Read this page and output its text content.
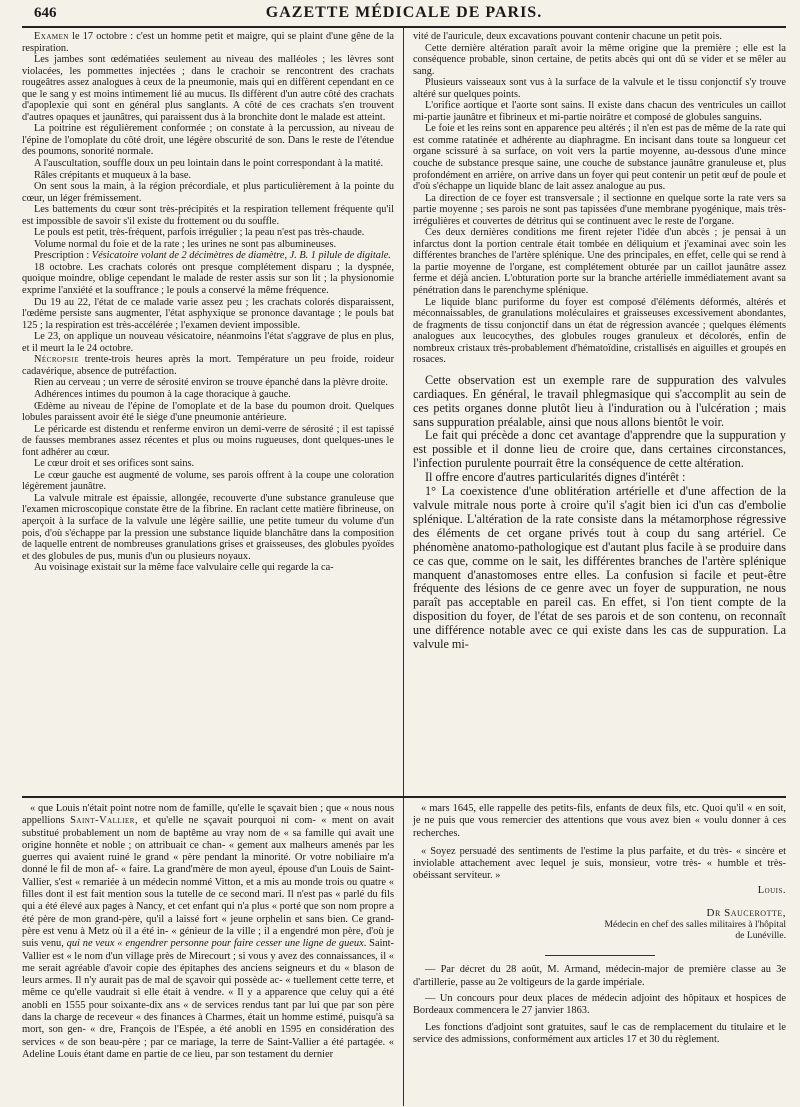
646	GAZETTE MÉDICALE DE PARIS.

Examen le 17 octobre : c'est un homme petit et maigre, qui se plaint d'une gêne de la respiration.

Les jambes sont œdématiées seulement au niveau des malléoles ; les lèvres sont violacées, les pommettes injectées ; dans le crachoir se rencontrent des crachats rougeâtres assez analogues à ceux de la pneumonie, mais qui en diffèrent cependant en ce que le sang y est moins intimement lié au mucus. Ils diffèrent d'un autre côté des crachats d'apoplexie qui sont en général plus sanglants. A côté de ces crachats s'en trouvent d'autres opaques et jaunâtres, qui paraissent dus à la bronchite dont le malade est atteint.

La poitrine est régulièrement conformée ; on constate à la percussion, au niveau de l'épine de l'omoplate du côté droit, une légère obscurité de son. Dans le reste de l'étendue des poumons, sonorité normale.

A l'auscultation, souffle doux un peu lointain dans le point correspondant à la matité.

Râles crépitants et muqueux à la base.

On sent sous la main, à la région précordiale, et plus particulièrement à la pointe du cœur, un léger frémissement.

Les battements du cœur sont très-précipités et la respiration tellement fréquente qu'il est impossible de savoir s'il existe du frottement ou du souffle.

Le pouls est petit, très-fréquent, parfois irrégulier ; la peau n'est pas très-chaude.

Volume normal du foie et de la rate ; les urines ne sont pas albumineuses.

Prescription : Vésicatoire volant de 2 décimètres de diamètre, J. B. 1 pilule de digitale.

18 octobre. Les crachats colorés ont presque complétement disparu ; la dyspnée, quoique moindre, oblige cependant le malade de rester assis sur son lit ; la physionomie exprime l'anxiété et la souffrance ; le pouls a conservé la même fréquence.

Du 19 au 22, l'état de ce malade varie assez peu ; les crachats colorés disparaissent, l'œdème persiste sans augmenter, l'état asphyxique se prononce davantage ; le pouls bat 125 ; la respiration est très-accélérée ; l'examen devient impossible.

Le 23, on applique un nouveau vésicatoire, néanmoins l'état s'aggrave de plus en plus, et il meurt la le 24 octobre.

Nécropsie trente-trois heures après la mort. Température un peu froide, roideur cadavérique, absence de putréfaction.

Rien au cerveau ; un verre de sérosité environ se trouve épanché dans la plèvre droite.

Adhérences intimes du poumon à la cage thoracique à gauche.

Œdème au niveau de l'épine de l'omoplate et de la base du poumon droit. Quelques lobules paraissent avoir été le siége d'une pneumonie antérieure.

Le péricarde est distendu et renferme environ un demi-verre de sérosité ; il est tapissé de fausses membranes assez récentes et plus ou moins rugueuses, dont quelques-unes le font adhérer au cœur.

Le cœur droit et ses orifices sont sains.

Le cœur gauche est augmenté de volume, ses parois offrent à la coupe une coloration légèrement jaunâtre.

La valvule mitrale est épaissie, allongée, recouverte d'une substance granuleuse que l'examen microscopique constate être de la fibrine. En raclant cette matière fibrineuse, on aperçoit à la surface de la valvule une légère saillie, une petite tumeur du volume d'un pois, d'où s'échappe par la pression une substance liquide blanchâtre dans la composition de laquelle entrent de nombreuses granulations grises et graisseuses, des globules pyoïdes et des globules de pus, munis d'un ou plusieurs noyaux.

Au voisinage existait sur la même face valvulaire celle qui regarde la ca-

vité de l'auricule, deux excavations pouvant contenir chacune un petit pois.

Cette dernière altération paraît avoir la même origine que la première ; elle est la conséquence probable, sinon certaine, de petits abcès qui ont dû se vider et se mêler au sang.

Plusieurs vaisseaux sont vus à la surface de la valvule et le tissu conjonctif s'y trouve altéré sur quelques points.

L'orifice aortique et l'aorte sont sains. Il existe dans chacun des ventricules un caillot mi-partie jaunâtre et fibrineux et mi-partie noirâtre et composé de globules sanguins.

Le foie et les reins sont en apparence peu altérés ; il n'en est pas de même de la rate qui est comme ratatinée et adhérente au diaphragme. En incisant dans toute sa longueur cet organe scissuré à sa surface, on voit vers la partie moyenne, au-dessous d'une mince couche de substance presque saine, une couche de substance jaunâtre granuleuse et, plus profondément en arrière, on arrive dans un foyer qui peut contenir un petit œuf de poule et d'où s'échappe un liquide blanc de lait assez analogue au pus.

La direction de ce foyer est transversale ; il sectionne en quelque sorte la rate vers sa partie moyenne ; ses parois ne sont pas tapissées d'une membrane pyogénique, mais très-irrégulières et couvertes de détritus qui se continuent avec le reste de l'organe.

Ces deux dernières conditions me firent rejeter l'idée d'un abcès ; je pensai à un infarctus dont la portion centrale était tombée en déliquium et j'examinai avec soin les différentes branches de l'artère splénique. Une des principales, en effet, celle qui se rend à la partie moyenne de l'organe, est complétement obturée par un caillot jaunâtre assez ferme et déjà ancien. L'obturation porte sur la branche artérielle immédiatement avant sa pénétration dans le parenchyme splénique.

Le liquide blanc puriforme du foyer est composé d'éléments déformés, altérés et méconnaissables, de granulations moléculaires et graisseuses excessivement abondantes, de fragments de tissu conjonctif dans un état de régression avancée ; quelques éléments analogues aux leucocythes, des globules rouges granuleux et décolorés, enfin de nombreux cristaux très-probablement d'hématoïdine, cristallisés en aiguilles et groupés en rosaces.

Cette observation est un exemple rare de suppuration des valvules cardiaques. En général, le travail phlegmasique qui s'accomplit au sein de ces petits organes donne plutôt lieu à l'induration ou à l'ulcération ; mais sans suppuration préalable, ainsi que nous allons bientôt le voir.

Le fait qui précède a donc cet avantage d'apprendre que la suppuration y est possible et il donne lieu de croire que, dans certaines circonstances, l'infection purulente pourrait être la conséquence de cette altération.

Il offre encore d'autres particularités dignes d'intérêt :

1° La coexistence d'une oblitération artérielle et d'une affection de la valvule mitrale nous porte à croire qu'il s'agit bien ici d'un cas d'embolie splénique. L'altération de la rate consiste dans la métamorphose régressive des éléments de cet organe privés tout à coup du sang artériel. Ce phénomène anatomo-pathologique est d'autant plus facile à se produire dans ce cas que, comme on le sait, les différentes branches de l'artère splénique manquent d'anastomoses entre elles. La confusion si facile et peut-être fréquente des lésions de ce genre avec un foyer de suppuration, ne nous paraît pas acceptable en pareil cas. En effet, si l'on tient compte de la disposition du foyer, de l'état de ses parois et de son contenu, on reconnaît une différence notable avec ce qui existe dans les cas de suppuration. La valvule mi-

« que Louis n'était point notre nom de famille, qu'elle le sçavait bien ; que « nous nous appellions Saint-Vallier, et qu'elle ne sçavait pourquoi ni com- « ment on avait substitué probablement un nom de baptême au vray nom de « sa famille qui avait une origine honnête et noble ; on attribuait ce chan- « gement aux malheurs amenés par les guerres qui avaient ruiné le grand « père pendant la minorité. Or votre nobiliaire m'a donné le fil de mon af- « faire. La grand'mère de mon ayeul, épouse d'un Louis de Saint-Vallier, s'est « remariée à un médecin nommé Vitton, et a mis au monde trois ou quatre « filles dont il est fait mention sous la tutelle de ce second mari. Il n'est pas « parlé du fils qui a été élevé aux pages à Nancy, et cet enfant qui n'a plus « porté que son nom propre a été père de mon grand-père, qu'il a laissé fort « jeune orphelin et sans bien. Ce grand-père est venu à Metz où il a été in- « génieur de la ville ; il a engendré mon père, d'où je suis venu, qui ne veux « engendrer personne pour faire cesser une ligne de gueux. Saint-Vallier est « le nom d'un village près de Mirecourt ; si vous y avez des connaissances, il « me serait agréable d'avoir copie des épitaphes des anciens seigneurs et du « blason de leurs armes. Il n'y aurait pas de mal de sçavoir qui possède ac- « tuellement cette terre, et même ce qu'elle vaudrait si elle était à vendre. « Il y a apparence que celuy qui a été anobli en 1555 pour soixante-dix ans « de services rendus tant par lui que par son père dans la charge de receveur « des finances à Charmes, était un homme estimé, puisqu'à sa mort, son gen- « dre, François de l'Espée, a été anobli en 1595 en considération des services « de son beau-père ; par ce mariage, la terre de Saint-Vallier a été partagée. « Adeline Louis étant dame en partie de ce lieu, par son testament du dernier

« mars 1645, elle rappelle des petits-fils, enfants de deux fils, etc. Quoi qu'il « en soit, je ne puis que vous remercier des attentions que vous avez bien « voulu donner à ces recherches.

« Soyez persuadé des sentiments de l'estime la plus parfaite, et du très- « sincère et inviolable attachement avec lequel je suis, monsieur, votre très- « humble et très-obéissant serviteur. »

Louis.

Dr Saucerotte,

Médecin en chef des salles militaires à l'hôpital

de Lunéville.

— Par décret du 28 août, M. Armand, médecin-major de première classe au 3e d'artillerie, passe au 2e voltigeurs de la garde impériale.

— Un concours pour deux places de médecin adjoint des hôpitaux et hospices de Bordeaux commencera le 27 janvier 1863.

Les fonctions d'adjoint sont gratuites, sauf le cas de remplacement du titulaire et le service des admissions, conformément aux articles 17 et 30 du règlement.
